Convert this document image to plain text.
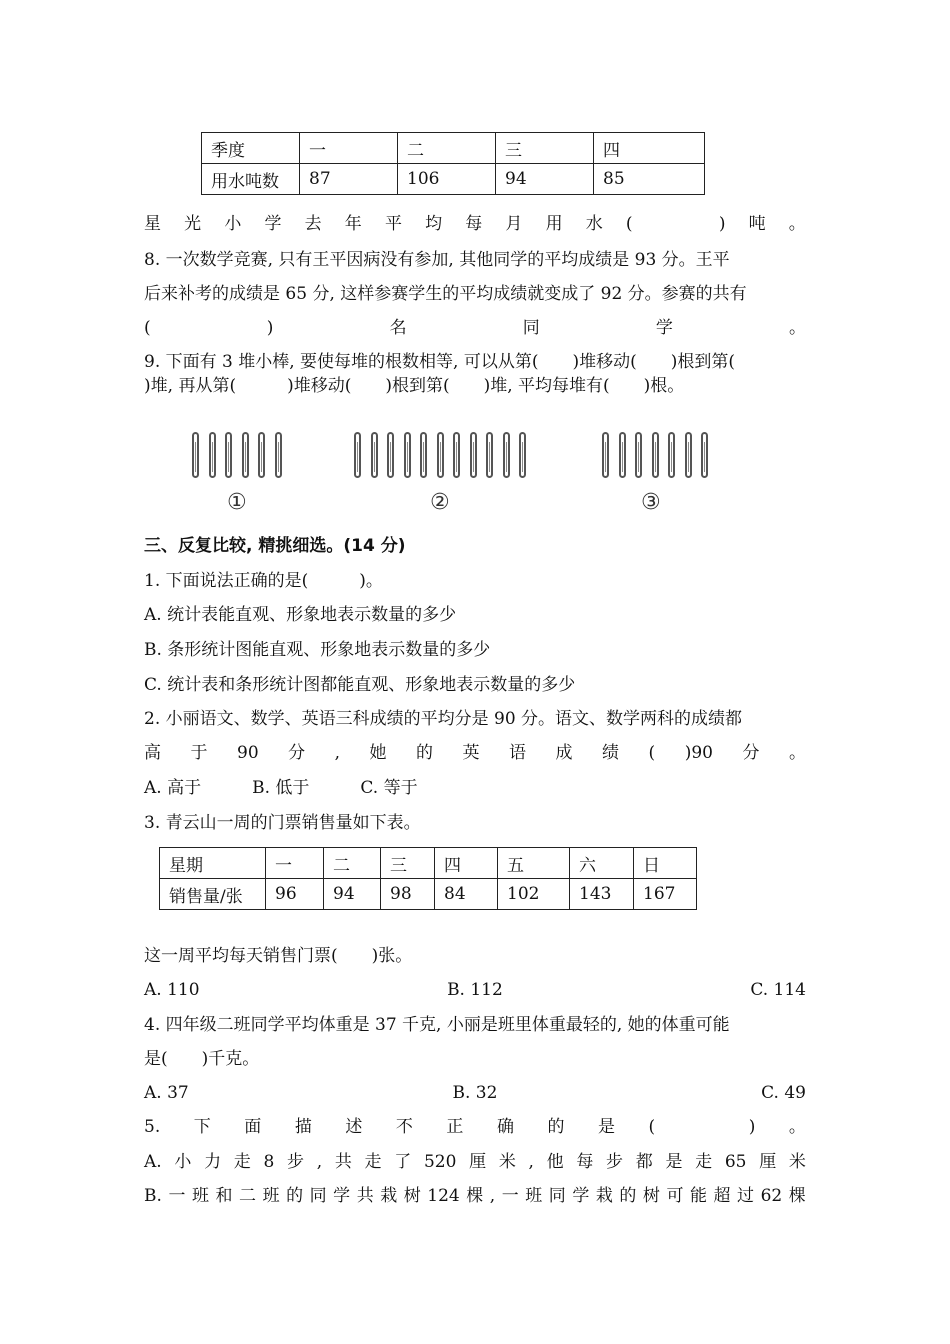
季度	一	二	三	四
用水吨数	87	106	94	85
星 光 小 学 去 年 平 均 每 月 用 水 (	) 吨 。
8. 一次数学竞赛, 只有王平因病没有参加, 其他同学的平均成绩是 93 分。王平
后来补考的成绩是 65 分, 这样参赛学生的平均成绩就变成了 92 分。参赛的共有
(	)	名	同	学	。
9. 下面有 3 堆小棒, 要使每堆的根数相等, 可以从第(　　)堆移动(　　)根到第(
)堆, 再从第(　　　)堆移动(　　)根到第(　　)堆, 平均每堆有(　　)根。
①	②	③
三、反复比较, 精挑细选。(14 分)
1. 下面说法正确的是(　　　)。
A. 统计表能直观、形象地表示数量的多少
B. 条形统计图能直观、形象地表示数量的多少
C. 统计表和条形统计图都能直观、形象地表示数量的多少
2. 小丽语文、数学、英语三科成绩的平均分是 90 分。语文、数学两科的成绩都
高 于 90 分 , 她 的 英 语 成 绩 ( )90 分 。
A. 高于　　　B. 低于　　　C. 等于
3. 青云山一周的门票销售量如下表。
星期	一	二	三	四	五	六	日
销售量/张	96	94	98	84	102	143	167
这一周平均每天销售门票(　　)张。
A. 110	B. 112	C. 114
4. 四年级二班同学平均体重是 37 千克, 小丽是班里体重最轻的, 她的体重可能
是(　　)千克。
A. 37	B. 32	C. 49
5. 下 面 描 述 不 正 确 的 是 (	) 。
A. 小 力 走 8 步 , 共 走 了 520 厘 米 , 他 每 步 都 是 走 65 厘 米
B. 一 班 和 二 班 的 同 学 共 栽 树 124 棵 , 一 班 同 学 栽 的 树 可 能 超 过 62 棵
